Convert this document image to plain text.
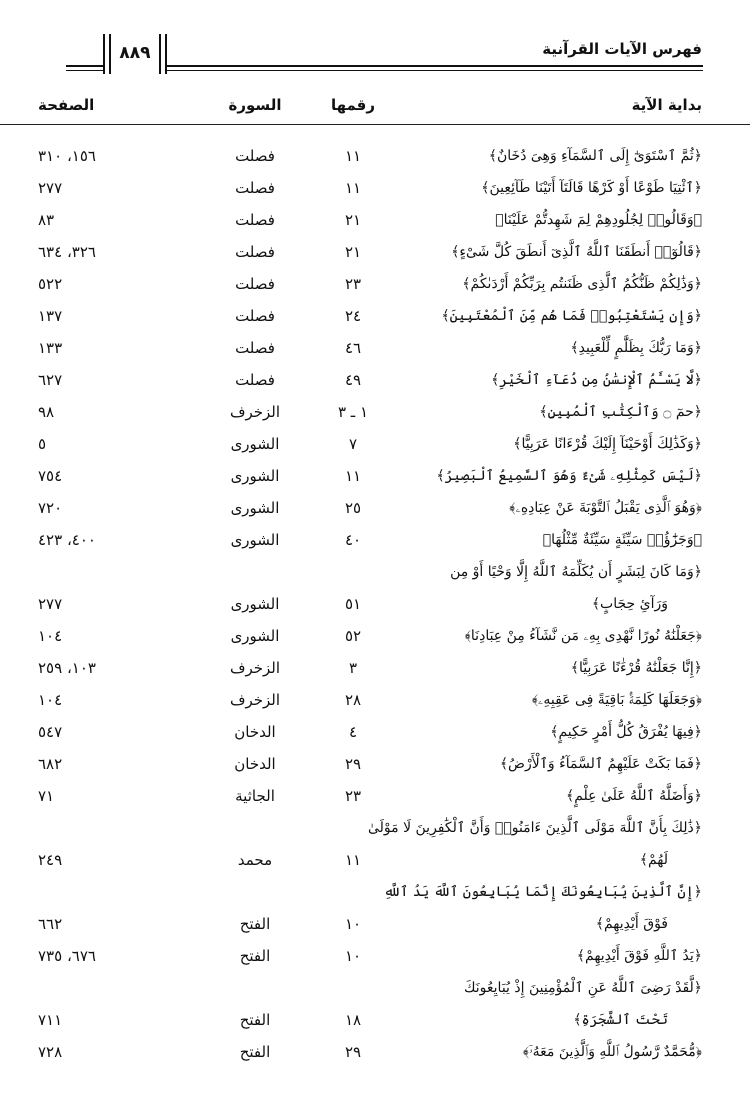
فهرس الآيات القرآنية
٨٨٩
بداية الآية
رقمها
السورة
الصفحة
﴿ثُمَّ ٱسْتَوَىٰٓ إِلَى ٱلسَّمَآءِ وَهِىَ دُخَانٌ﴾
١١
فصلت
١٥٦، ٣١٠
﴿ٱئْتِيَا طَوْعًا أَوْ كَرْهًا قَالَتَآ أَتَيْنَا طَآئِعِينَ﴾
١١
فصلت
٢٧٧
﴿وَقَالُوا۟ لِجُلُودِهِمْ لِمَ شَهِدتُّمْ عَلَيْنَا﴾
٢١
فصلت
٨٣
﴿قَالُوٓا۟ أَنطَقَنَا ٱللَّهُ ٱلَّذِىٓ أَنطَقَ كُلَّ شَىْءٍ﴾
٢١
فصلت
٣٢٦، ٦٣٤
﴿وَذَٰلِكُمْ ظَنُّكُمُ ٱلَّذِى ظَنَنتُم بِرَبِّكُمْ أَرْدَىٰكُمْ﴾
٢٣
فصلت
٥٢٢
﴿وَإِن يَسْتَعْتِبُوا۟ فَمَا هُم مِّنَ ٱلْمُعْتَبِينَ﴾
٢٤
فصلت
١٣٧
﴿وَمَا رَبُّكَ بِظَلَّٰمٍ لِّلْعَبِيدِ﴾
٤٦
فصلت
١٣٣
﴿لَّا يَسْـَٔمُ ٱلْإِنسَٰنُ مِن دُعَآءِ ٱلْخَيْرِ﴾
٤٩
فصلت
٦٢٧
﴿حمٓ ۝ وَٱلْكِتَٰبِ ٱلْمُبِينِ﴾
١ ـ ٣
الزخرف
٩٨
﴿وَكَذَٰلِكَ أَوْحَيْنَآ إِلَيْكَ قُرْءَانًا عَرَبِيًّا﴾
٧
الشورى
٥
﴿لَيْسَ كَمِثْلِهِۦ شَىْءٌ وَهُوَ ٱلسَّمِيعُ ٱلْبَصِيرُ﴾
١١
الشورى
٧٥٤
﴿وَهُوَ ٱلَّذِى يَقْبَلُ ٱلتَّوْبَةَ عَنْ عِبَادِهِۦ﴾
٢٥
الشورى
٧٢٠
﴿وَجَزَٰٓؤُا۟ سَيِّئَةٍ سَيِّئَةٌ مِّثْلُهَا﴾
٤٠
الشورى
٤٠٠، ٤٢٣
﴿وَمَا كَانَ لِبَشَرٍ أَن يُكَلِّمَهُ ٱللَّهُ إِلَّا وَحْيًا أَوْ مِن
وَرَآئِ حِجَابٍ﴾
٥١
الشورى
٢٧٧
﴿جَعَلْنَٰهُ نُورًا نَّهْدِى بِهِۦ مَن نَّشَآءُ مِنْ عِبَادِنَا﴾
٥٢
الشورى
١٠٤
﴿إِنَّا جَعَلْنَٰهُ قُرْءَٰنًا عَرَبِيًّا﴾
٣
الزخرف
١٠٣، ٢٥٩
﴿وَجَعَلَهَا كَلِمَةًۢ بَاقِيَةً فِى عَقِبِهِۦ﴾
٢٨
الزخرف
١٠٤
﴿فِيهَا يُفْرَقُ كُلُّ أَمْرٍ حَكِيمٍ﴾
٤
الدخان
٥٤٧
﴿فَمَا بَكَتْ عَلَيْهِمُ ٱلسَّمَآءُ وَٱلْأَرْضُ﴾
٢٩
الدخان
٦٨٢
﴿وَأَضَلَّهُ ٱللَّهُ عَلَىٰ عِلْمٍ﴾
٢٣
الجاثية
٧١
﴿ذَٰلِكَ بِأَنَّ ٱللَّهَ مَوْلَى ٱلَّذِينَ ءَامَنُوا۟ وَأَنَّ ٱلْكَٰفِرِينَ لَا مَوْلَىٰ
لَهُمْ﴾
١١
محمد
٢٤٩
﴿إِنَّ ٱلَّذِينَ يُبَايِعُونَكَ إِنَّمَا يُبَايِعُونَ ٱللَّهَ يَدُ ٱللَّهِ
فَوْقَ أَيْدِيهِمْ﴾
١٠
الفتح
٦٦٢
﴿يَدُ ٱللَّهِ فَوْقَ أَيْدِيهِمْ﴾
١٠
الفتح
٦٧٦، ٧٣٥
﴿لَّقَدْ رَضِىَ ٱللَّهُ عَنِ ٱلْمُؤْمِنِينَ إِذْ يُبَايِعُونَكَ
تَحْتَ ٱلشَّجَرَةِ﴾
١٨
الفتح
٧١١
﴿مُّحَمَّدٌ رَّسُولُ ٱللَّهِ وَٱلَّذِينَ مَعَهُۥٓ﴾
٢٩
الفتح
٧٢٨
